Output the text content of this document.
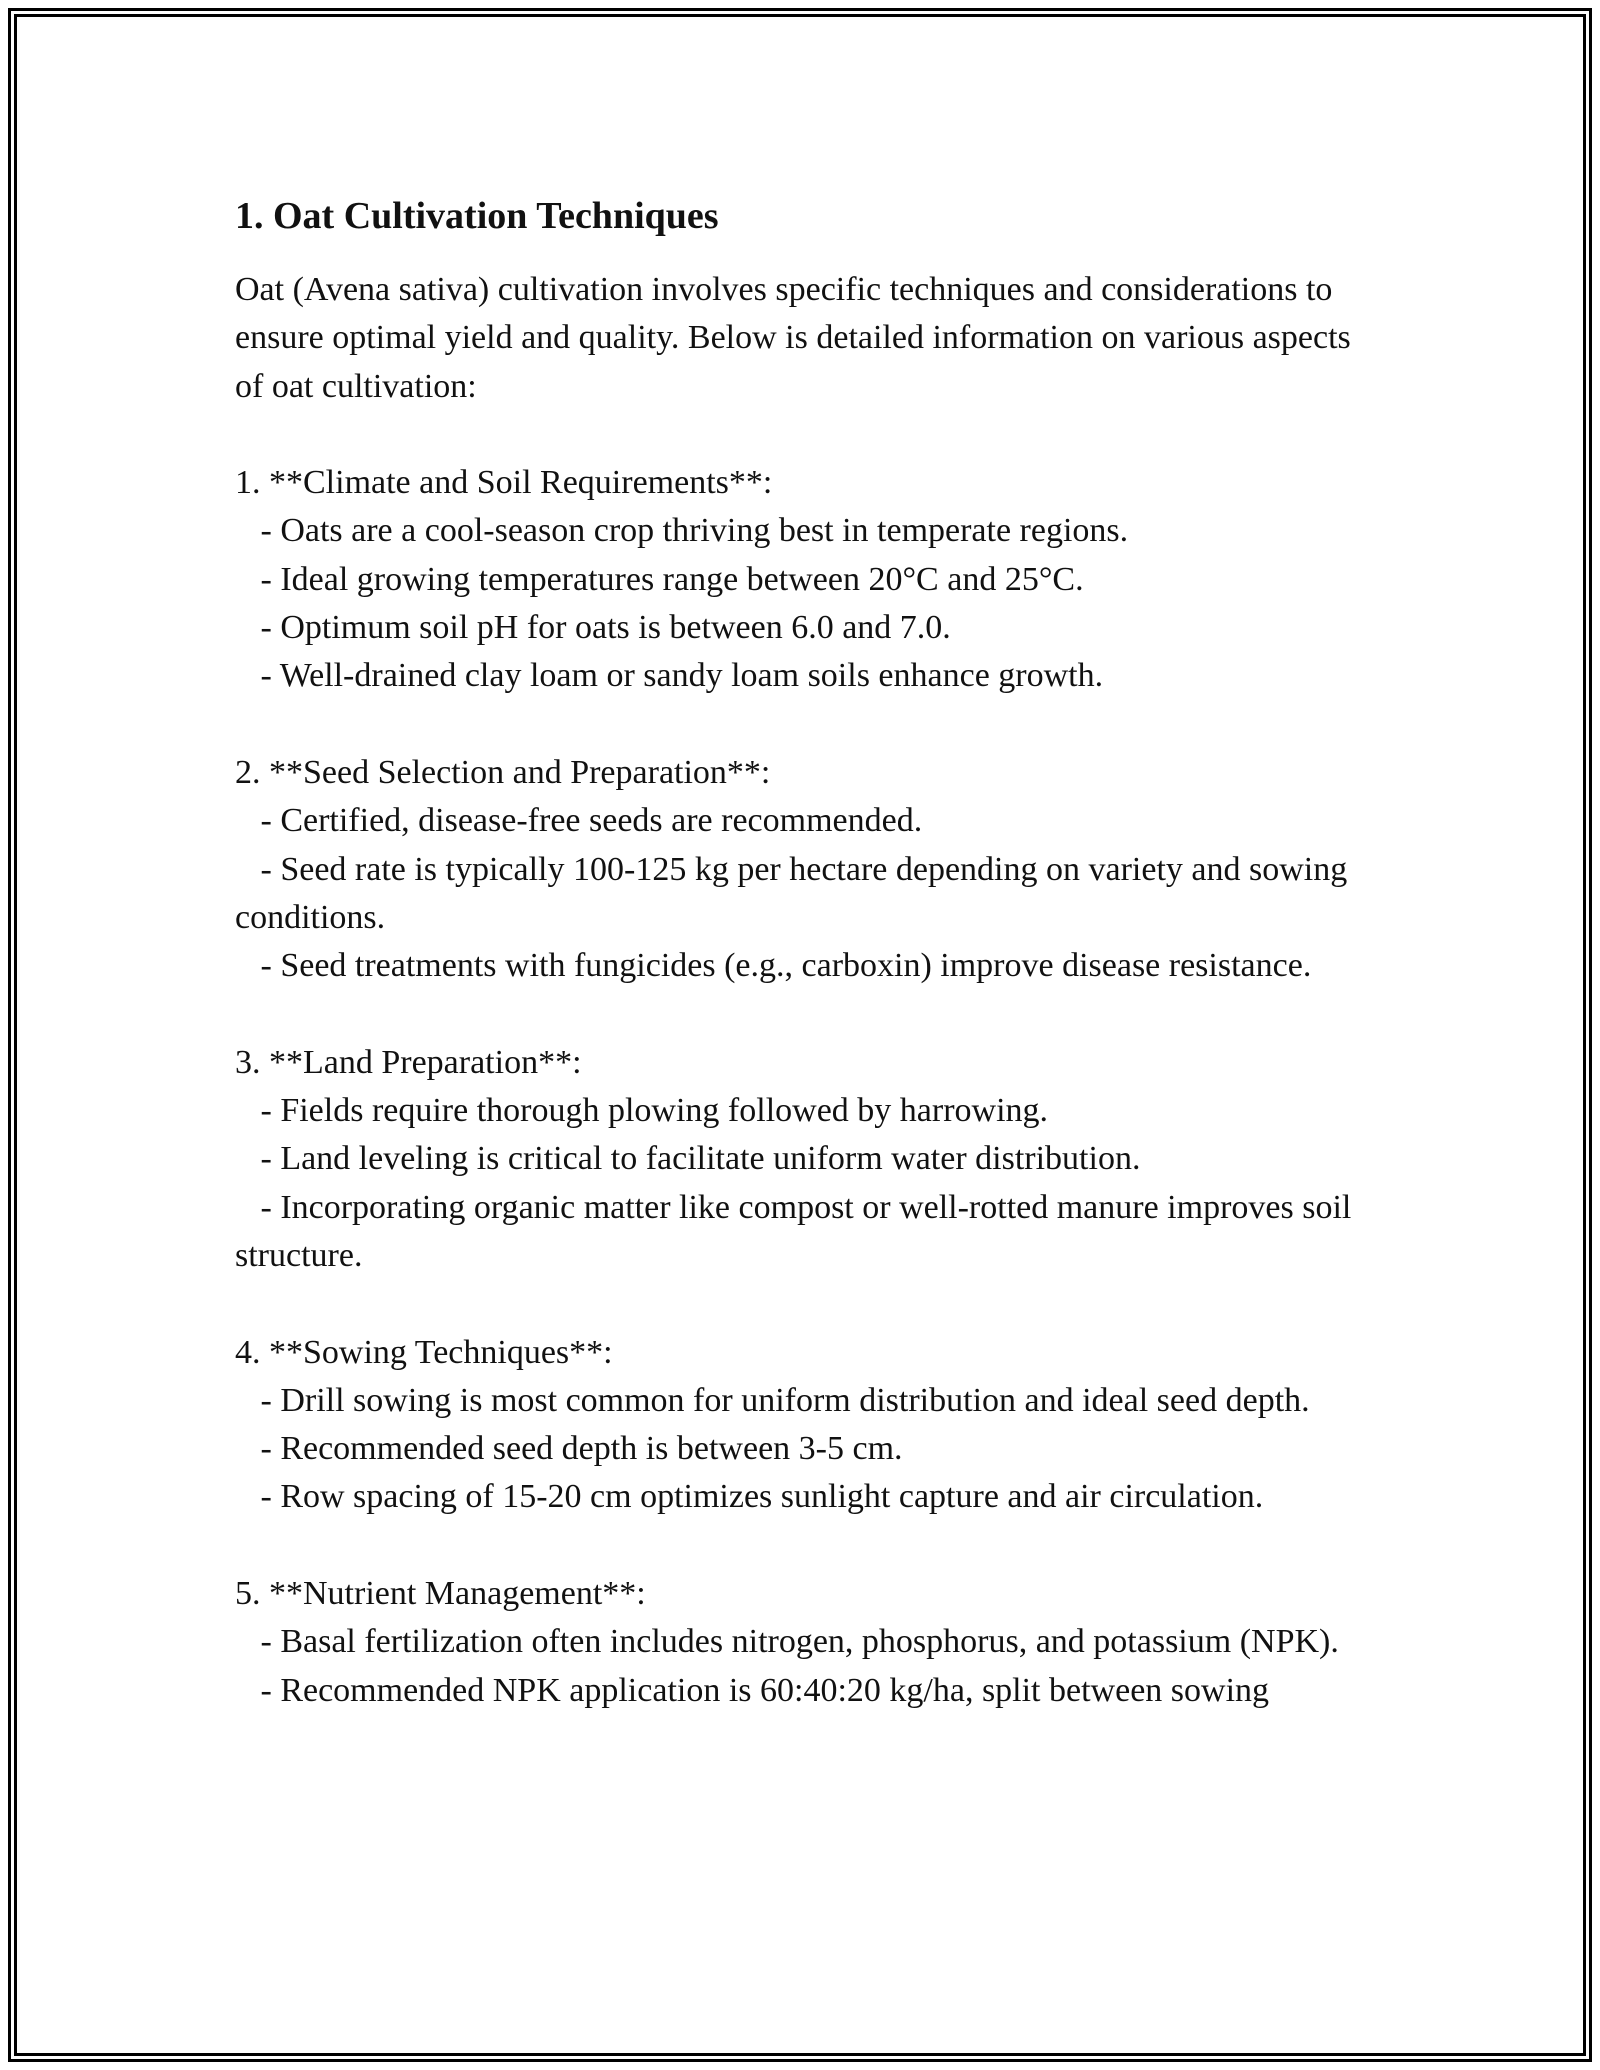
1. Oat Cultivation Techniques

Oat (Avena sativa) cultivation involves specific techniques and considerations to ensure optimal yield and quality. Below is detailed information on various aspects of oat cultivation:

1. **Climate and Soil Requirements**:

- Oats are a cool-season crop thriving best in temperate regions.

- Ideal growing temperatures range between 20°C and 25°C.

- Optimum soil pH for oats is between 6.0 and 7.0.

- Well-drained clay loam or sandy loam soils enhance growth.

2. **Seed Selection and Preparation**:

- Certified, disease-free seeds are recommended.

- Seed rate is typically 100-125 kg per hectare depending on variety and sowing conditions.

- Seed treatments with fungicides (e.g., carboxin) improve disease resistance.

3. **Land Preparation**:

- Fields require thorough plowing followed by harrowing.

- Land leveling is critical to facilitate uniform water distribution.

- Incorporating organic matter like compost or well-rotted manure improves soil structure.

4. **Sowing Techniques**:

- Drill sowing is most common for uniform distribution and ideal seed depth.

- Recommended seed depth is between 3-5 cm.

- Row spacing of 15-20 cm optimizes sunlight capture and air circulation.

5. **Nutrient Management**:

- Basal fertilization often includes nitrogen, phosphorus, and potassium (NPK).

- Recommended NPK application is 60:40:20 kg/ha, split between sowing
